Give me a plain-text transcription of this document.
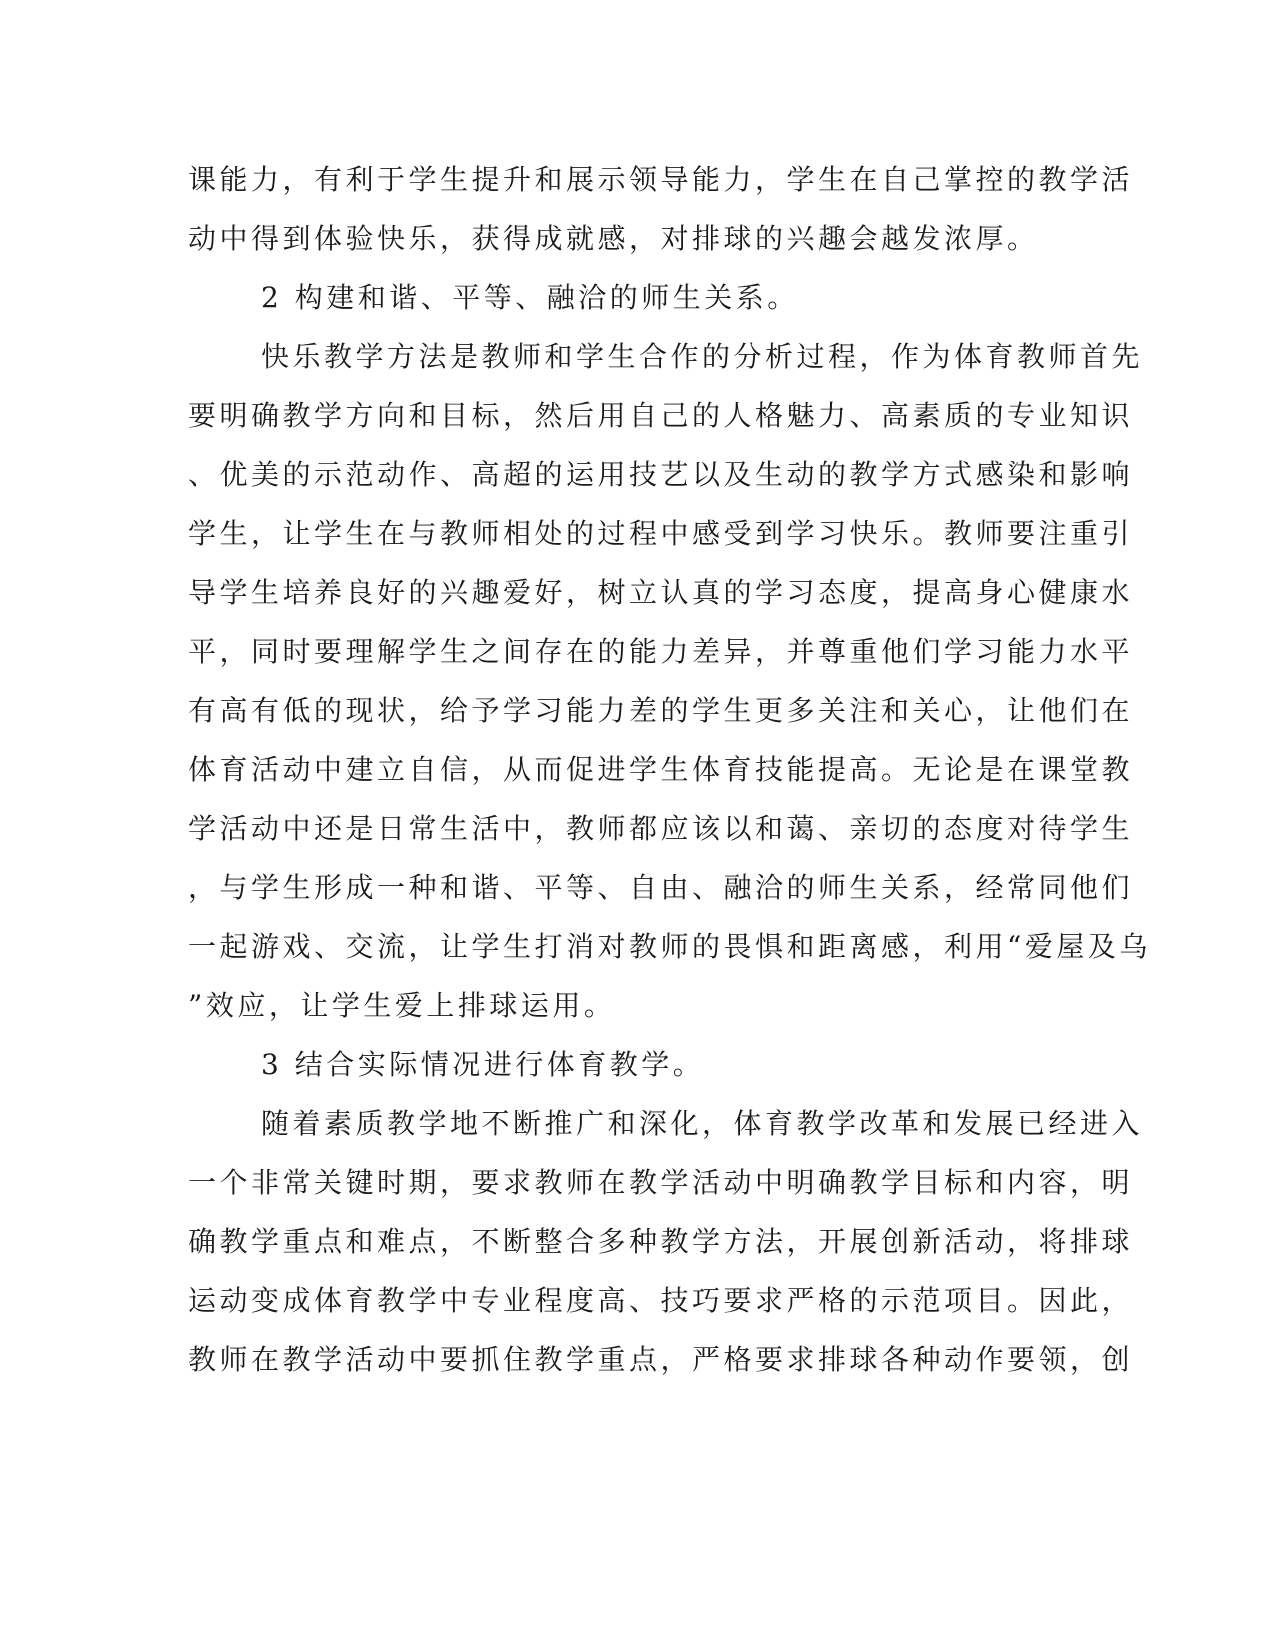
课能力，有利于学生提升和展示领导能力，学生在自己掌控的教学活
动中得到体验快乐，获得成就感，对排球的兴趣会越发浓厚。
2 构建和谐、平等、融洽的师生关系。
快乐教学方法是教师和学生合作的分析过程，作为体育教师首先
要明确教学方向和目标，然后用自己的人格魅力、高素质的专业知识
、优美的示范动作、高超的运用技艺以及生动的教学方式感染和影响
学生，让学生在与教师相处的过程中感受到学习快乐。教师要注重引
导学生培养良好的兴趣爱好，树立认真的学习态度，提高身心健康水
平，同时要理解学生之间存在的能力差异，并尊重他们学习能力水平
有高有低的现状，给予学习能力差的学生更多关注和关心，让他们在
体育活动中建立自信，从而促进学生体育技能提高。无论是在课堂教
学活动中还是日常生活中，教师都应该以和蔼、亲切的态度对待学生
，与学生形成一种和谐、平等、自由、融洽的师生关系，经常同他们
一起游戏、交流，让学生打消对教师的畏惧和距离感，利用“爱屋及乌
”效应，让学生爱上排球运用。
3 结合实际情况进行体育教学。
随着素质教学地不断推广和深化，体育教学改革和发展已经进入
一个非常关键时期，要求教师在教学活动中明确教学目标和内容，明
确教学重点和难点，不断整合多种教学方法，开展创新活动，将排球
运动变成体育教学中专业程度高、技巧要求严格的示范项目。因此，
教师在教学活动中要抓住教学重点，严格要求排球各种动作要领，创
